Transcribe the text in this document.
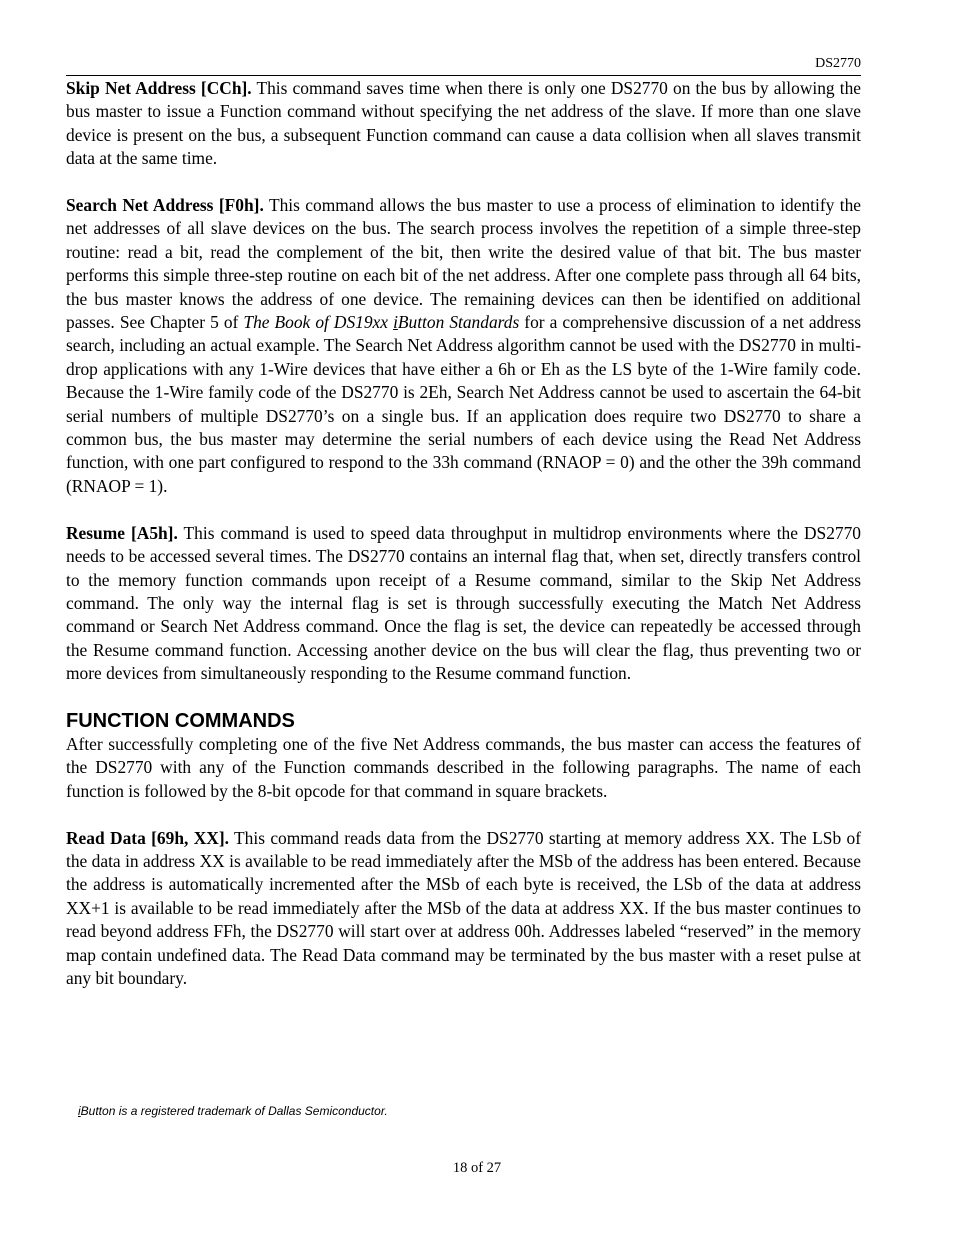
DS2770

Skip Net Address [CCh]. This command saves time when there is only one DS2770 on the bus by allowing the bus master to issue a Function command without specifying the net address of the slave. If more than one slave device is present on the bus, a subsequent Function command can cause a data collision when all slaves transmit data at the same time.

Search Net Address [F0h]. This command allows the bus master to use a process of elimination to identify the net addresses of all slave devices on the bus. The search process involves the repetition of a simple three-step routine: read a bit, read the complement of the bit, then write the desired value of that bit. The bus master performs this simple three-step routine on each bit of the net address. After one complete pass through all 64 bits, the bus master knows the address of one device. The remaining devices can then be identified on additional passes. See Chapter 5 of The Book of DS19xx iButton Standards for a comprehensive discussion of a net address search, including an actual example. The Search Net Address algorithm cannot be used with the DS2770 in multi-drop applications with any 1-Wire devices that have either a 6h or Eh as the LS byte of the 1-Wire family code. Because the 1-Wire family code of the DS2770 is 2Eh, Search Net Address cannot be used to ascertain the 64-bit serial numbers of multiple DS2770’s on a single bus. If an application does require two DS2770 to share a common bus, the bus master may determine the serial numbers of each device using the Read Net Address function, with one part configured to respond to the 33h command (RNAOP = 0) and the other the 39h command (RNAOP = 1).

Resume [A5h]. This command is used to speed data throughput in multidrop environments where the DS2770 needs to be accessed several times. The DS2770 contains an internal flag that, when set, directly transfers control to the memory function commands upon receipt of a Resume command, similar to the Skip Net Address command. The only way the internal flag is set is through successfully executing the Match Net Address command or Search Net Address command. Once the flag is set, the device can repeatedly be accessed through the Resume command function. Accessing another device on the bus will clear the flag, thus preventing two or more devices from simultaneously responding to the Resume command function.

FUNCTION COMMANDS

After successfully completing one of the five Net Address commands, the bus master can access the features of the DS2770 with any of the Function commands described in the following paragraphs. The name of each function is followed by the 8-bit opcode for that command in square brackets.

Read Data [69h, XX]. This command reads data from the DS2770 starting at memory address XX. The LSb of the data in address XX is available to be read immediately after the MSb of the address has been entered. Because the address is automatically incremented after the MSb of each byte is received, the LSb of the data at address XX+1 is available to be read immediately after the MSb of the data at address XX. If the bus master continues to read beyond address FFh, the DS2770 will start over at address 00h. Addresses labeled “reserved” in the memory map contain undefined data. The Read Data command may be terminated by the bus master with a reset pulse at any bit boundary.

iButton is a registered trademark of Dallas Semiconductor.
18 of 27
